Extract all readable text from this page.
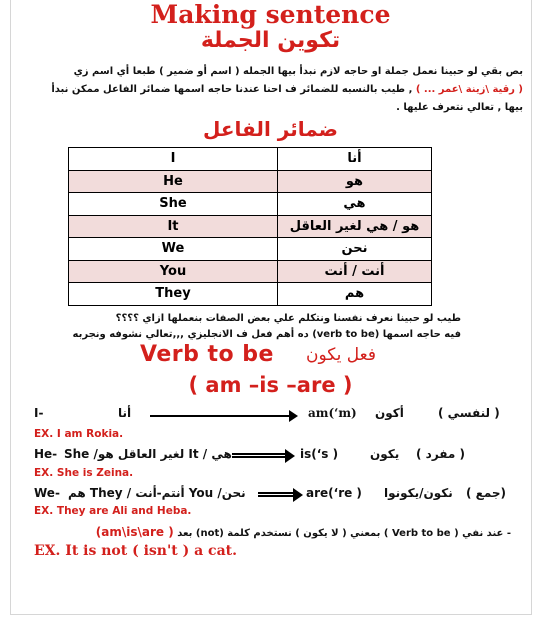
Making sentence
تكوين الجملة
بص بقي لو حبينا نعمل جملة او حاجه لازم نبدأ بيها الجمله ( اسم أو ضمير ) طبعا أي اسم زي
( رقية \زينة \عمر ... ) , طيب بالنسبه للضمائر ف احنا عندنا حاجه اسمها ضمائر الفاعل ممكن نبدأ
بيها , تعالي نتعرف عليها .
ضمائر الفاعل
I	أنا
He	هو
She	هي
It	هو / هي لغير العاقل
We	نحن
You	أنت / أنت
They	هم
طيب لو حبينا نعرف نفسنا ونتكلم علي بعض الصفات بنعملها ازاي ؟؟؟؟
فيه حاجه اسمها (verb to be) ده أهم فعل ف الانجليزي ,,,تعالي نشوفه ونجربه
Verb to be فعل يكون
( am –is –are )
I-	أنا	am(‘m) أكون	( لنفسي )
EX. I am Rokia.
He-	هي / It لغير العاقل هو/ She	is(‘s )	يكون ( مفرد )
EX. She is Zeina.
We- نحن/ You أنتم-أنت / They هم	are(‘re ) نكون/يكونوا (جمع )
EX. They are Ali and Heba.
- عند نفي ( Verb to be ) بمعني ( لا يكون ) نستخدم كلمة (not) بعد ( am\is\are)
EX. It is not ( isn't ) a cat.
